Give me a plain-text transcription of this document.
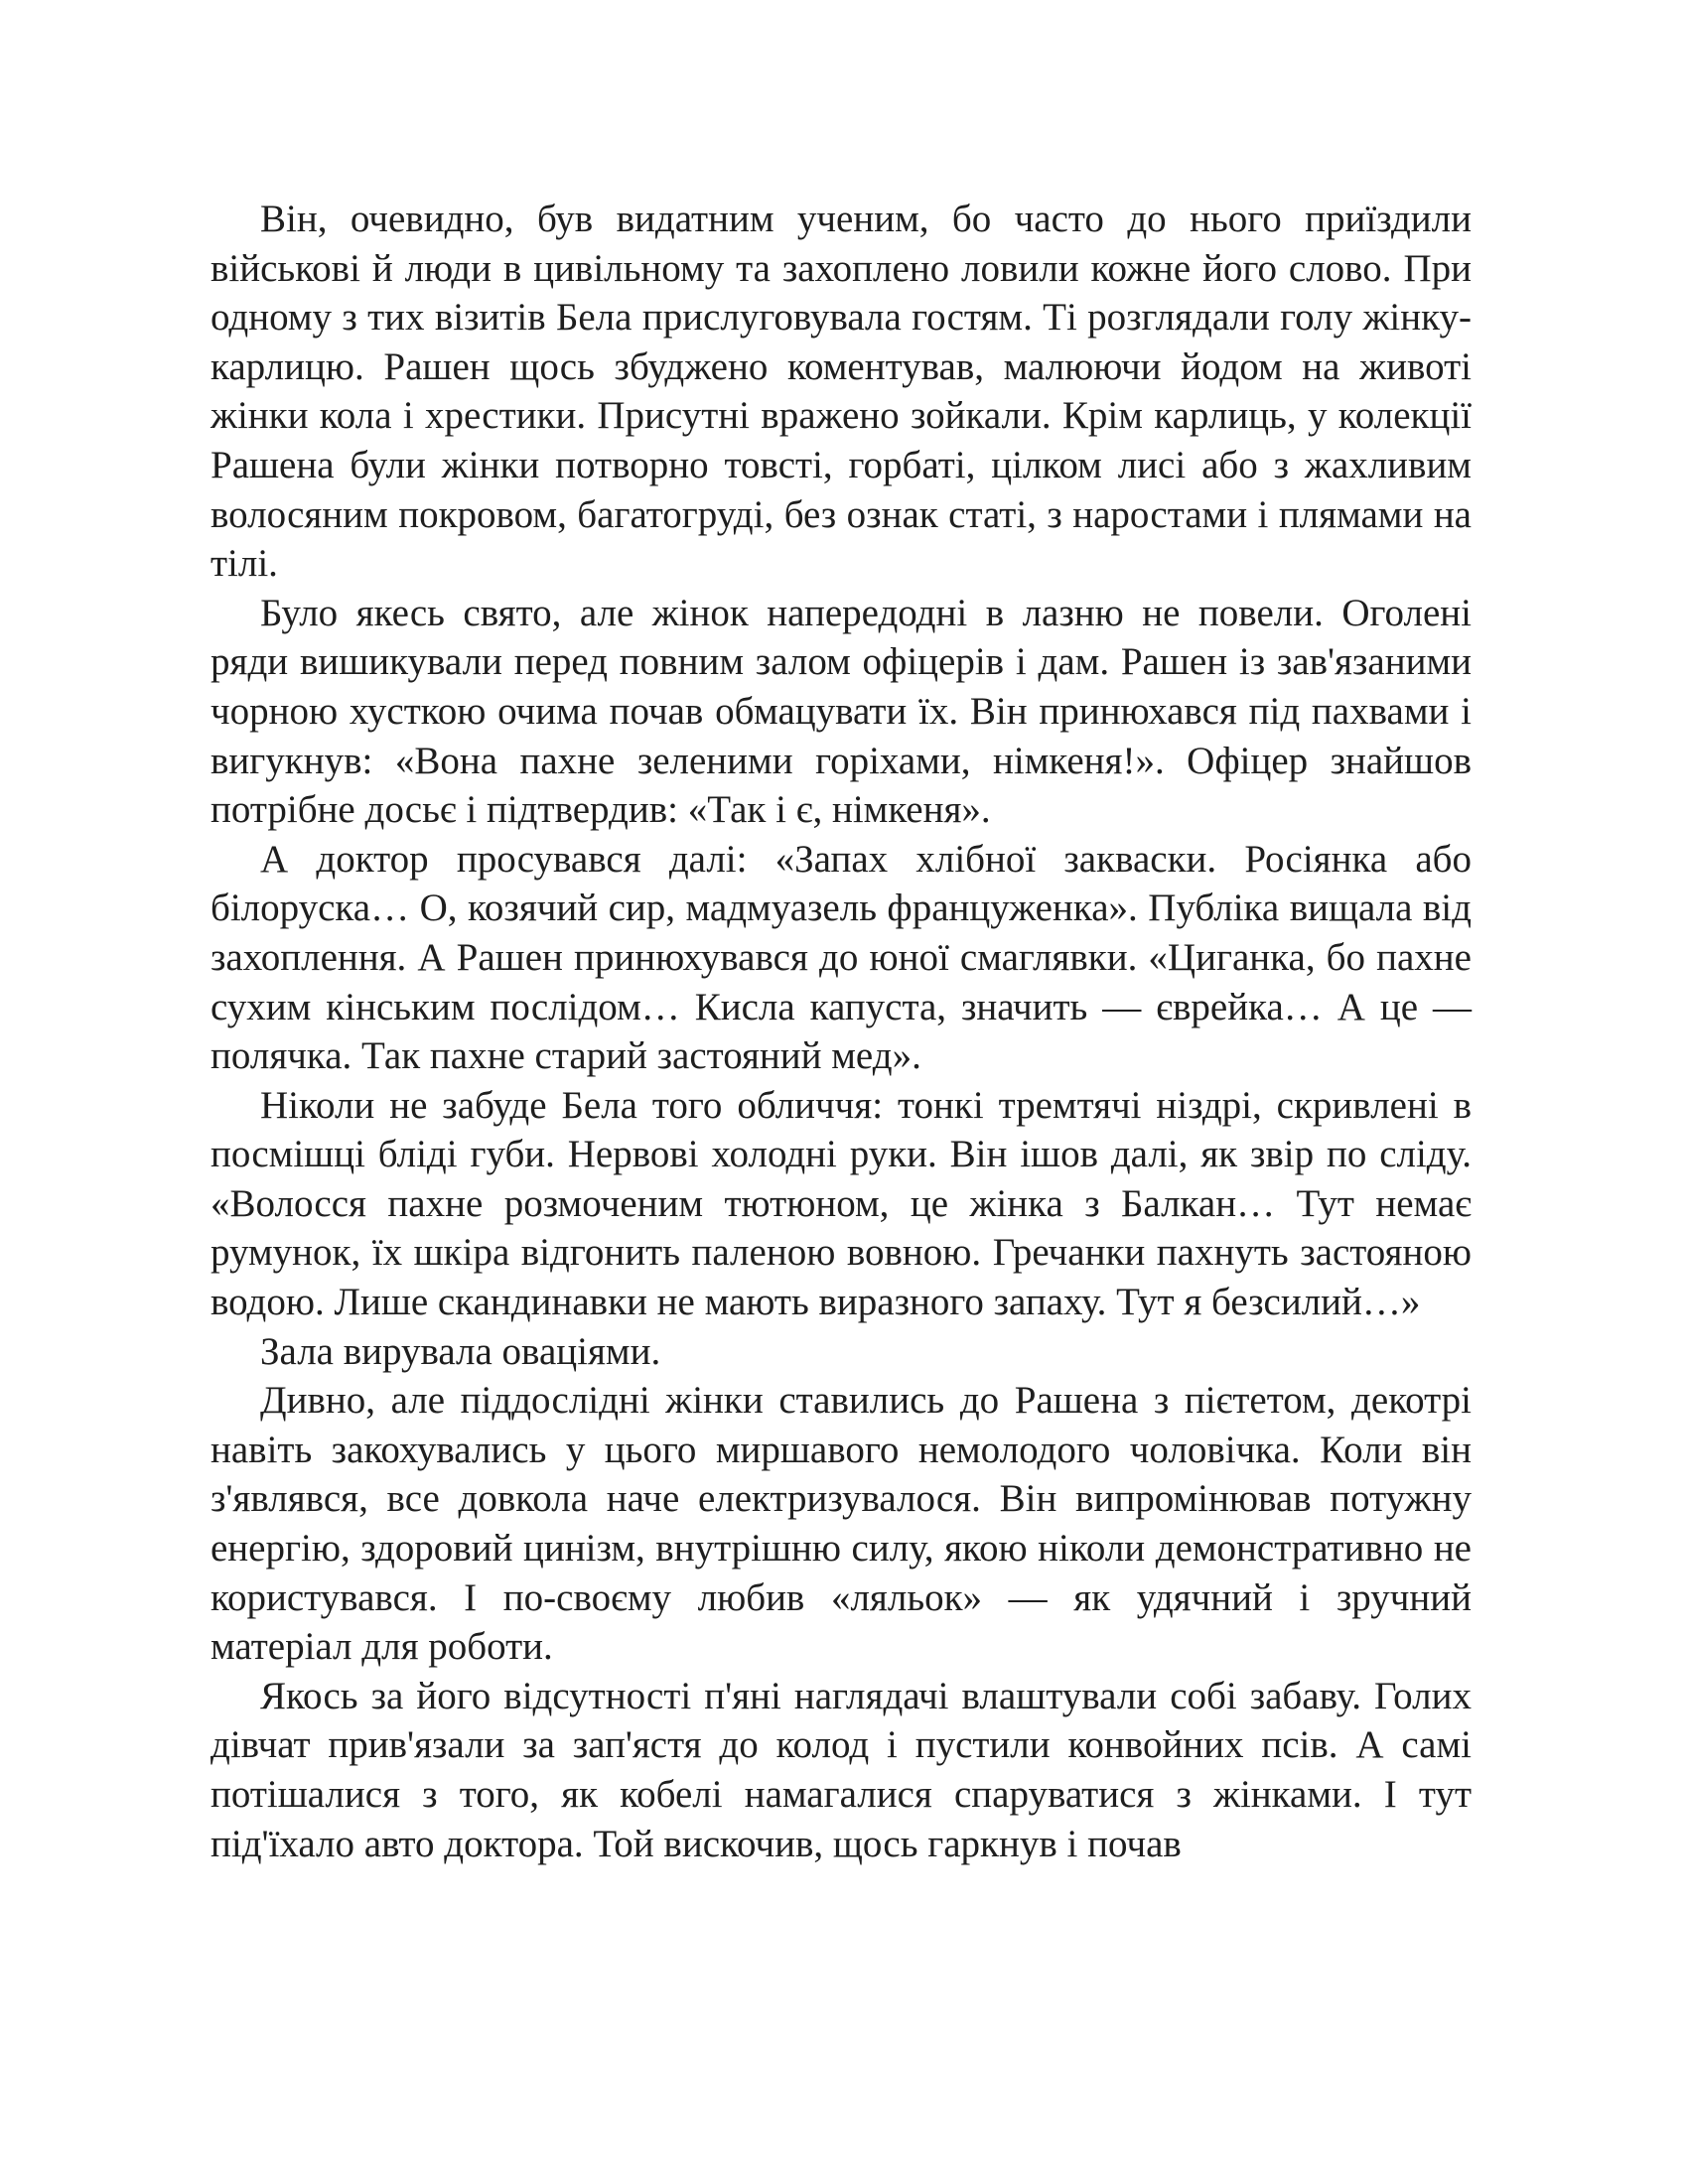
Він, очевидно, був видатним ученим, бо часто до нього приїздили військові й люди в цивільному та захоплено ловили кожне його слово. При одному з тих візитів Бела прислуговувала гостям. Ті розглядали голу жінку-карлицю. Рашен щось збуджено коментував, малюючи йодом на животі жінки кола і хрестики. Присутні вражено зойкали. Крім карлиць, у колекції Рашена були жінки потворно товсті, горбаті, цілком лисі або з жахливим волосяним покровом, багатогруді, без ознак статі, з наростами і плямами на тілі.

Було якесь свято, але жінок напередодні в лазню не повели. Оголені ряди вишикували перед повним залом офіцерів і дам. Рашен із зав'язаними чорною хусткою очима почав обмацувати їх. Він принюхався під пахвами і вигукнув: «Вона пахне зеленими горіхами, німкеня!». Офіцер знайшов потрібне досьє і підтвердив: «Так і є, німкеня».

А доктор просувався далі: «Запах хлібної закваски. Росіянка або білоруска… О, козячий сир, мадмуазель француженка». Публіка вищала від захоплення. А Рашен принюхувався до юної смаглявки. «Циганка, бо пахне сухим кінським послідом… Кисла капуста, значить — єврейка… А це — полячка. Так пахне старий застояний мед».

Ніколи не забуде Бела того обличчя: тонкі тремтячі ніздрі, скривлені в посмішці бліді губи. Нервові холодні руки. Він ішов далі, як звір по сліду. «Волосся пахне розмоченим тютюном, це жінка з Балкан… Тут немає румунок, їх шкіра відгонить паленою вовною. Гречанки пахнуть застояною водою. Лише скандинавки не мають виразного запаху. Тут я безсилий…»

Зала вирувала оваціями.

Дивно, але піддослідні жінки ставились до Рашена з пієтетом, декотрі навіть закохувались у цього миршавого немолодого чоловічка. Коли він з'являвся, все довкола наче електризувалося. Він випромінював потужну енергію, здоровий цинізм, внутрішню силу, якою ніколи демонстративно не користувався. І по-своєму любив «ляльок» — як удячний і зручний матеріал для роботи.

Якось за його відсутності п'яні наглядачі влаштували собі забаву. Голих дівчат прив'язали за зап'ястя до колод і пустили конвойних псів. А самі потішалися з того, як кобелі намагалися спаруватися з жінками. І тут під'їхало авто доктора. Той вискочив, щось гаркнув і почав
